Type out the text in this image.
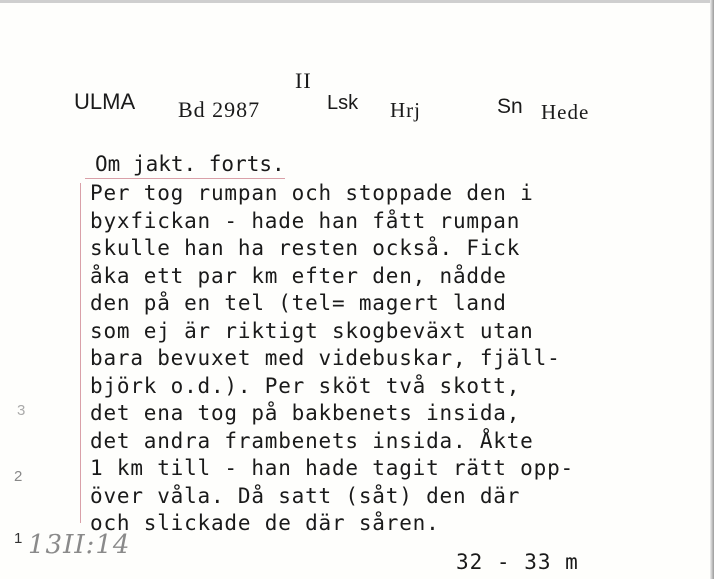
II
ULMA Bd 2987	Lsk Hrj	Sn Hede
Om jakt. forts.
Per tog rumpan och stoppade den i
byxfickan - hade han fått rumpan
skulle han ha resten också. Fick
åka ett par km efter den, nådde
den på en tel (tel= magert land
som ej är riktigt skogbeväxt utan
bara bevuxet med videbuskar, fjäll-
björk o.d.). Per sköt två skott,
det ena tog på bakbenets insida,
det andra frambenets insida. Åkte
1 km till - han hade tagit rätt opp-
över våla. Då satt (såt) den där
och slickade de där såren.
3
2
1 13II:14
32 - 33 m
